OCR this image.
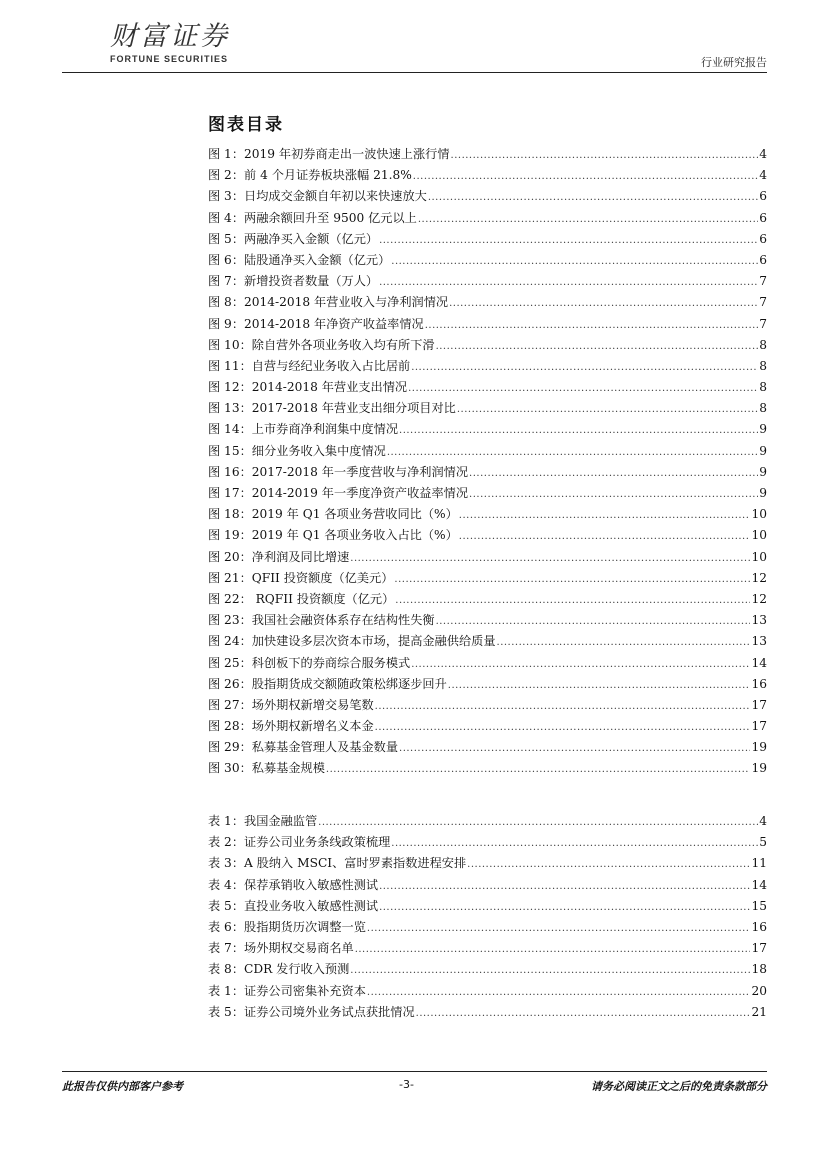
财富证券
FORTUNE SECURITIES	行业研究报告
图表目录
图 1：2019 年初券商走出一波快速上涨行情 .....	4
图 2：前 4 个月证券板块涨幅 21.8% .....	4
图 3：日均成交金额自年初以来快速放大 .....	6
图 4：两融余额回升至 9500 亿元以上 .....	6
图 5：两融净买入金额（亿元） .....	6
图 6：陆股通净买入金额（亿元） .....	6
图 7：新增投资者数量（万人） .....	7
图 8：2014-2018 年营业收入与净利润情况 .....	7
图 9：2014-2018 年净资产收益率情况 .....	7
图 10：除自营外各项业务收入均有所下滑 .....	8
图 11：自营与经纪业务收入占比居前 .....	8
图 12：2014-2018 年营业支出情况 .....	8
图 13：2017-2018 年营业支出细分项目对比 .....	8
图 14：上市券商净利润集中度情况 .....	9
图 15：细分业务收入集中度情况 .....	9
图 16：2017-2018 年一季度营收与净利润情况 .....	9
图 17：2014-2019 年一季度净资产收益率情况 .....	9
图 18：2019 年 Q1 各项业务营收同比（%） .....	10
图 19：2019 年 Q1 各项业务收入占比（%） .....	10
图 20：净利润及同比增速 .....	10
图 21：QFII 投资额度（亿美元） .....	12
图 22： RQFII 投资额度（亿元） .....	12
图 23：我国社会融资体系存在结构性失衡 .....	13
图 24：加快建设多层次资本市场，提高金融供给质量 .....	13
图 25：科创板下的券商综合服务模式 .....	14
图 26：股指期货成交额随政策松绑逐步回升 .....	16
图 27：场外期权新增交易笔数 .....	17
图 28：场外期权新增名义本金 .....	17
图 29：私募基金管理人及基金数量 .....	19
图 30：私募基金规模 .....	19
表 1：我国金融监管 .....	4
表 2：证券公司业务条线政策梳理 .....	5
表 3：A 股纳入 MSCI、富时罗素指数进程安排 .....	11
表 4：保荐承销收入敏感性测试 .....	14
表 5：直投业务收入敏感性测试 .....	15
表 6：股指期货历次调整一览 .....	16
表 7：场外期权交易商名单 .....	17
表 8：CDR 发行收入预测 .....	18
表 1：证券公司密集补充资本 .....	20
表 5：证券公司境外业务试点获批情况 .....	21
此报告仅供内部客户参考	-3-	请务必阅读正文之后的免责条款部分
